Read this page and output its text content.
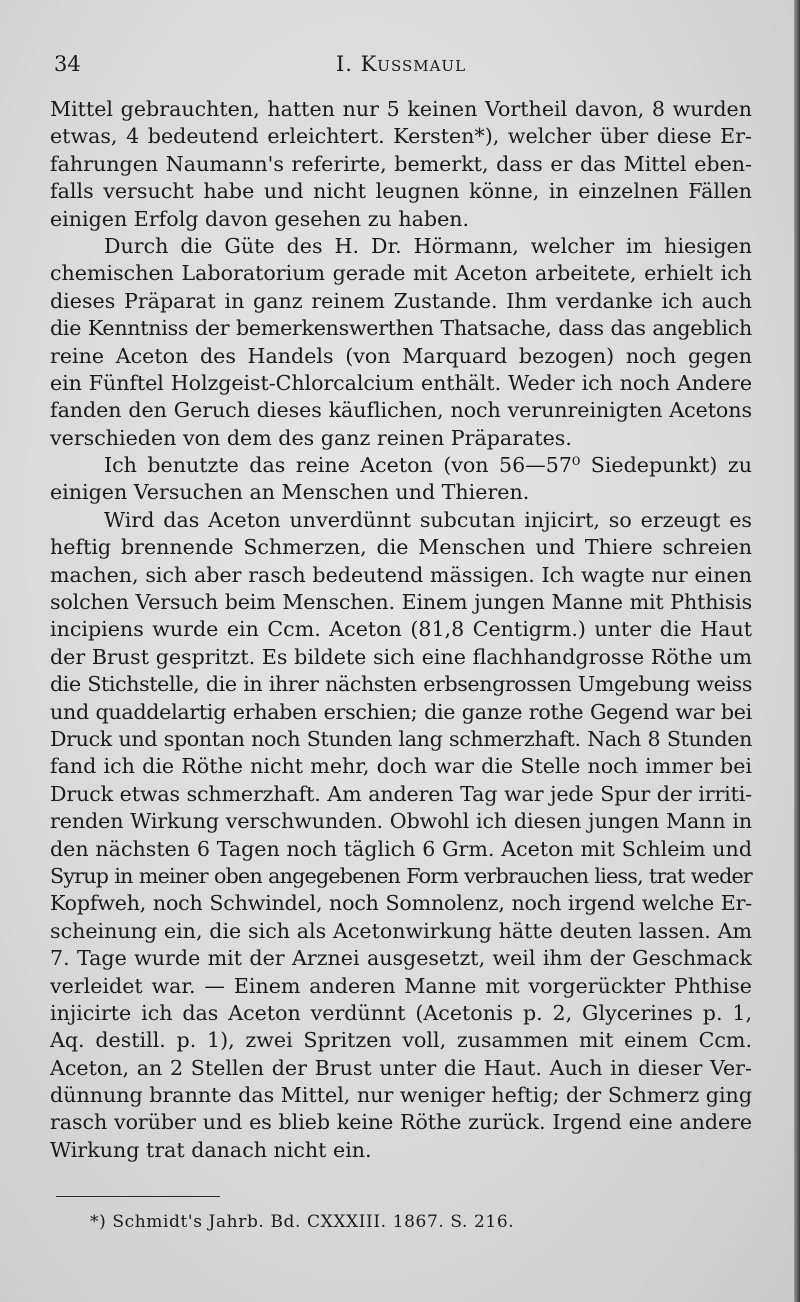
34	I. Kussmaul
Mittel gebrauchten, hatten nur 5 keinen Vortheil davon, 8 wurden
etwas, 4 bedeutend erleichtert. Kersten*), welcher über diese Er-
fahrungen Naumann's referirte, bemerkt, dass er das Mittel eben-
falls versucht habe und nicht leugnen könne, in einzelnen Fällen
einigen Erfolg davon gesehen zu haben.
Durch die Güte des H. Dr. Hörmann, welcher im hiesigen
chemischen Laboratorium gerade mit Aceton arbeitete, erhielt ich
dieses Präparat in ganz reinem Zustande. Ihm verdanke ich auch
die Kenntniss der bemerkenswerthen Thatsache, dass das angeblich
reine Aceton des Handels (von Marquard bezogen) noch gegen
ein Fünftel Holzgeist-Chlorcalcium enthält. Weder ich noch Andere
fanden den Geruch dieses käuflichen, noch verunreinigten Acetons
verschieden von dem des ganz reinen Präparates.
Ich benutzte das reine Aceton (von 56—57⁰ Siedepunkt) zu
einigen Versuchen an Menschen und Thieren.
Wird das Aceton unverdünnt subcutan injicirt, so erzeugt es
heftig brennende Schmerzen, die Menschen und Thiere schreien
machen, sich aber rasch bedeutend mässigen. Ich wagte nur einen
solchen Versuch beim Menschen. Einem jungen Manne mit Phthisis
incipiens wurde ein Ccm. Aceton (81,8 Centigrm.) unter die Haut
der Brust gespritzt. Es bildete sich eine flachhandgrosse Röthe um
die Stichstelle, die in ihrer nächsten erbsengrossen Umgebung weiss
und quaddelartig erhaben erschien; die ganze rothe Gegend war bei
Druck und spontan noch Stunden lang schmerzhaft. Nach 8 Stunden
fand ich die Röthe nicht mehr, doch war die Stelle noch immer bei
Druck etwas schmerzhaft. Am anderen Tag war jede Spur der irriti-
renden Wirkung verschwunden. Obwohl ich diesen jungen Mann in
den nächsten 6 Tagen noch täglich 6 Grm. Aceton mit Schleim und
Syrup in meiner oben angegebenen Form verbrauchen liess, trat weder
Kopfweh, noch Schwindel, noch Somnolenz, noch irgend welche Er-
scheinung ein, die sich als Acetonwirkung hätte deuten lassen. Am
7. Tage wurde mit der Arznei ausgesetzt, weil ihm der Geschmack
verleidet war. — Einem anderen Manne mit vorgerückter Phthise
injicirte ich das Aceton verdünnt (Acetonis p. 2, Glycerines p. 1,
Aq. destill. p. 1), zwei Spritzen voll, zusammen mit einem Ccm.
Aceton, an 2 Stellen der Brust unter die Haut. Auch in dieser Ver-
dünnung brannte das Mittel, nur weniger heftig; der Schmerz ging
rasch vorüber und es blieb keine Röthe zurück. Irgend eine andere
Wirkung trat danach nicht ein.
*) Schmidt's Jahrb. Bd. CXXXIII. 1867. S. 216.
